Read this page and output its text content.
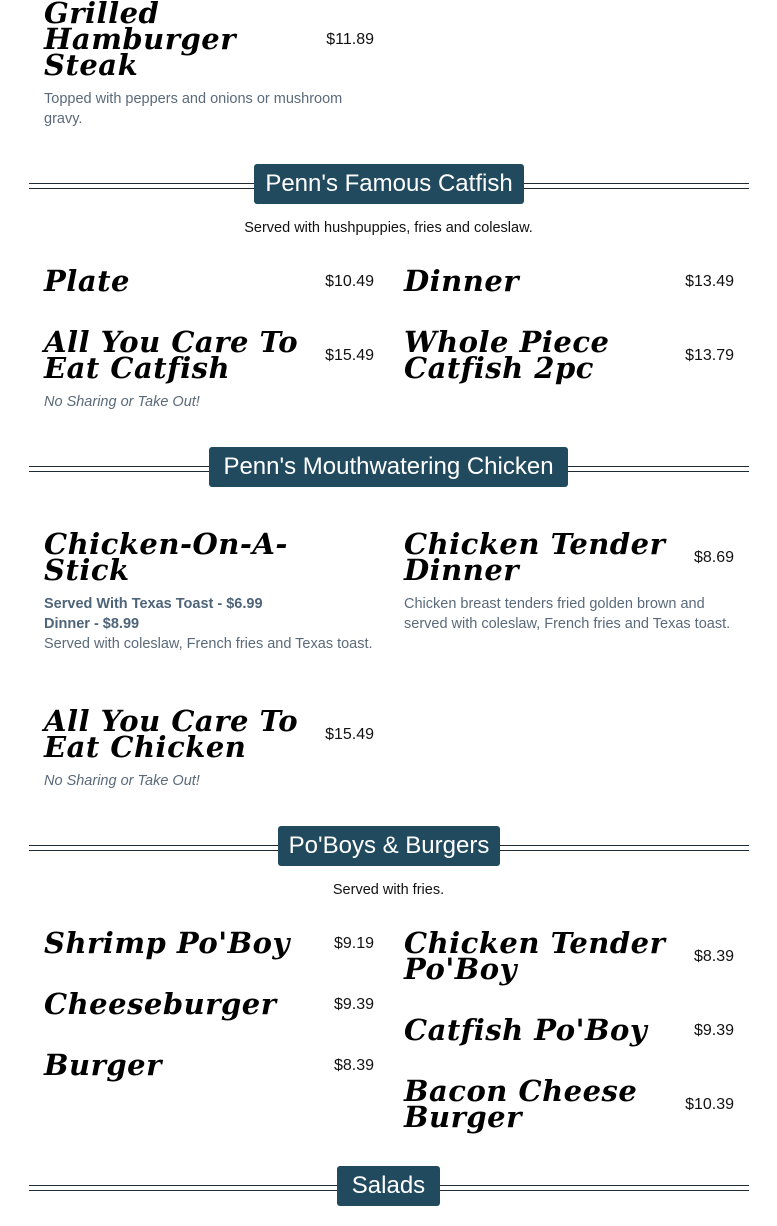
Grilled Hamburger Steak
$11.89
Topped with peppers and onions or mushroom gravy.
Penn's Famous Catfish
Served with hushpuppies, fries and coleslaw.
Plate	$10.49 Dinner	$13.49
All You Care To Eat Catfish	$15.49
No Sharing or Take Out!
Whole Piece Catfish 2pc	$13.79
Penn's Mouthwatering Chicken
Chicken-On-A-Stick
Served With Texas Toast - $6.99
Dinner - $8.99
Served with coleslaw, French fries and Texas toast.
Chicken Tender Dinner	$8.69
Chicken breast tenders fried golden brown and served with coleslaw, French fries and Texas toast.
All You Care To Eat Chicken	$15.49
No Sharing or Take Out!
Po'Boys & Burgers
Served with fries.
Shrimp Po'Boy	$9.19 Chicken Tender Po'Boy	$8.39
Cheeseburger	$9.39
Catfish Po'Boy	$9.39
Burger	$8.39
Bacon Cheese Burger	$10.39
Salads
